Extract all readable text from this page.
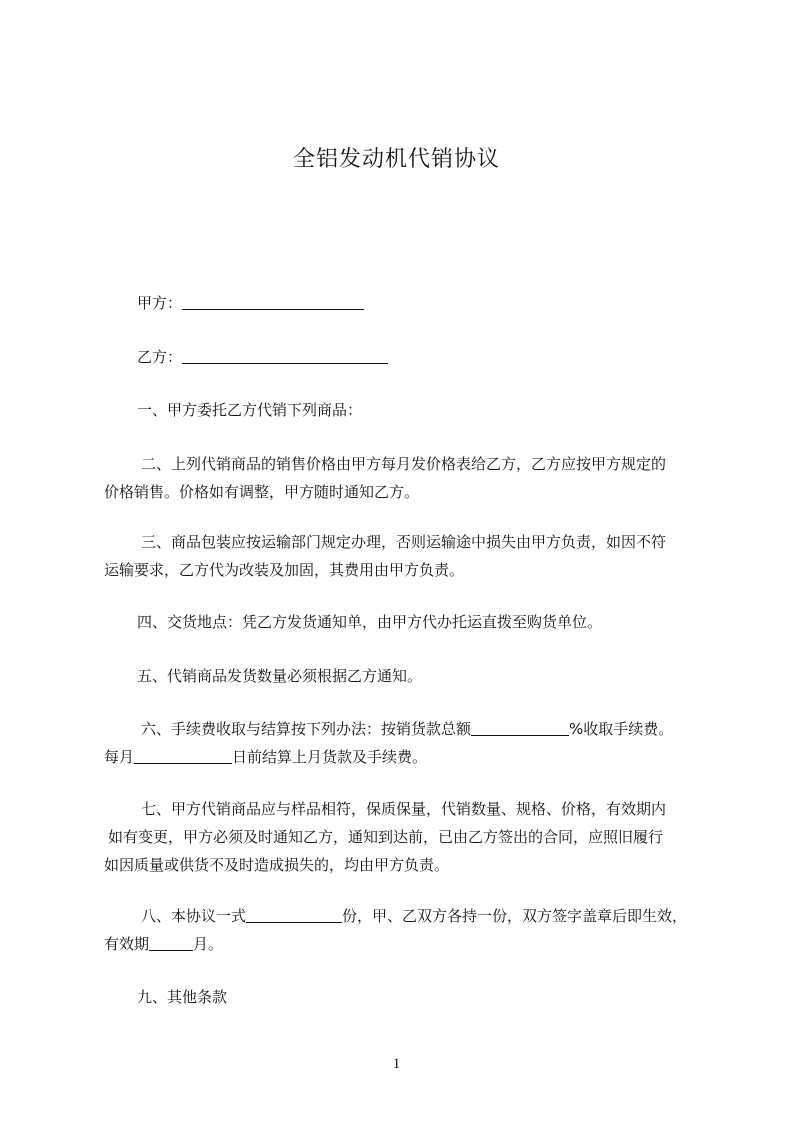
全铝发动机代销协议

甲方：

乙方：

一、甲方委托乙方代销下列商品：

二、上列代销商品的销售价格由甲方每月发价格表给乙方，乙方应按甲方规定的

价格销售。价格如有调整，甲方随时通知乙方。

三、商品包装应按运输部门规定办理，否则运输途中损失由甲方负责，如因不符

运输要求，乙方代为改装及加固，其费用由甲方负责。

四、交货地点：凭乙方发货通知单，由甲方代办托运直拨至购货单位。

五、代销商品发货数量必须根据乙方通知。

六、手续费收取与结算按下列办法：按销货款总额	%收取手续费。

每月	日前结算上月货款及手续费。

七、甲方代销商品应与样品相符，保质保量，代销数量、规格、价格，有效期内

如有变更，甲方必须及时通知乙方，通知到达前，已由乙方签出的合同，应照旧履行

如因质量或供货不及时造成损失的，均由甲方负责。

八、本协议一式	份，甲、乙双方各持一份，双方签字盖章后即生效，

有效期	月。

九、其他条款

1
